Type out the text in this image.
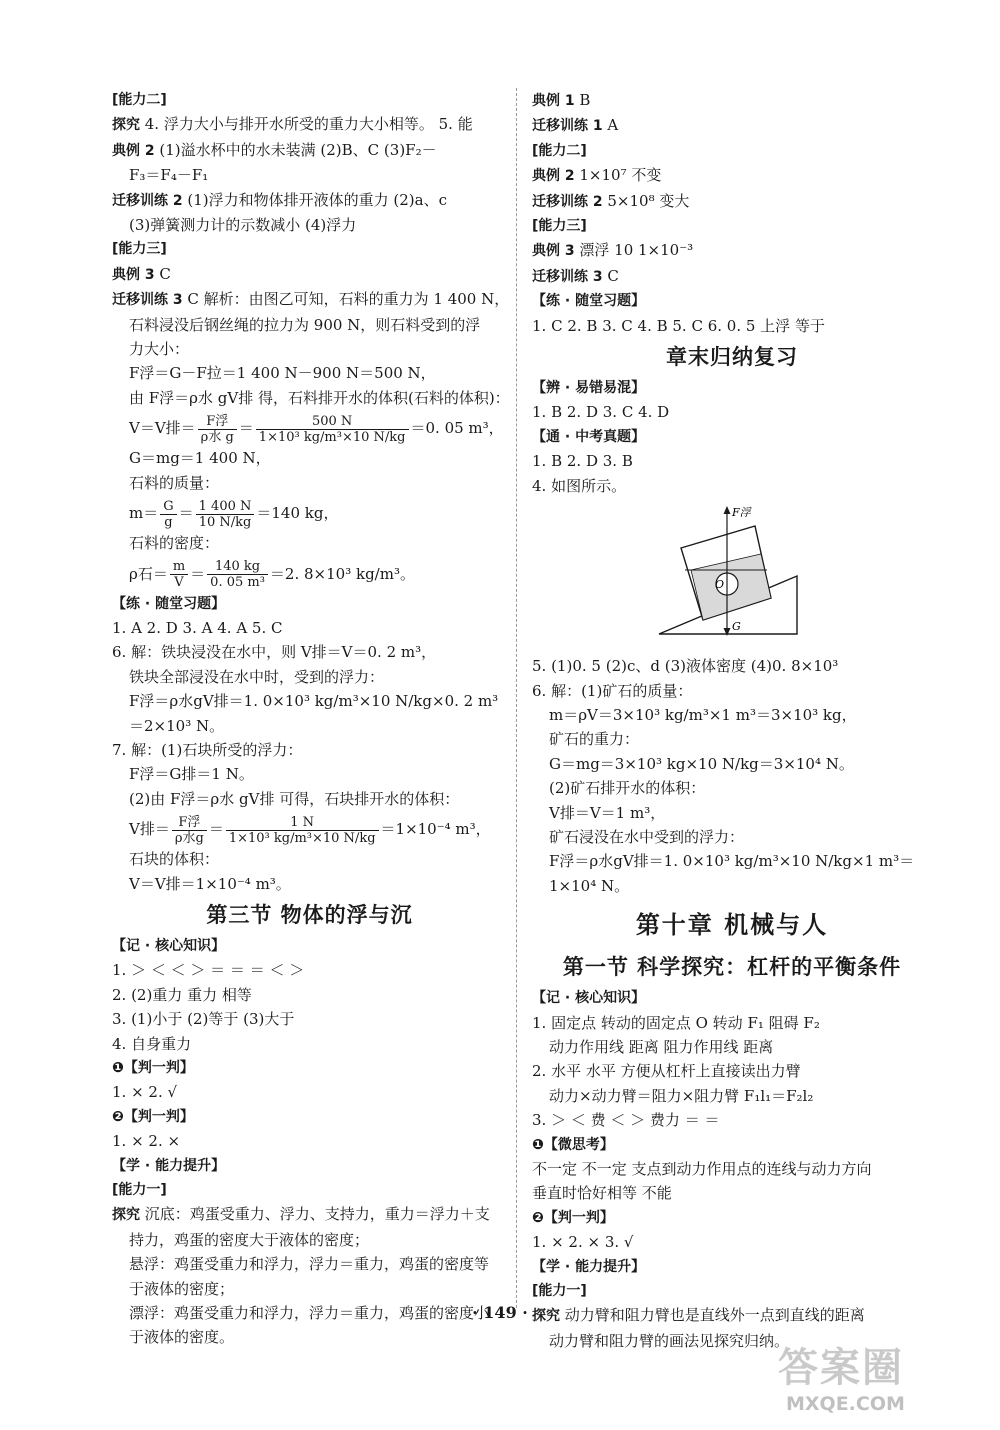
[能力二]
探究 4. 浮力大小与排开水所受的重力大小相等。 5. 能
典例 2 (1)溢水杯中的水未装满 (2)B、C (3)F₂－
F₃＝F₄－F₁
迁移训练 2 (1)浮力和物体排开液体的重力 (2)a、c
(3)弹簧测力计的示数减小 (4)浮力
[能力三]
典例 3 C
迁移训练 3 C 解析：由图乙可知，石料的重力为 1 400 N，
石料浸没后钢丝绳的拉力为 900 N，则石料受到的浮
力大小：
F浮＝G－F拉＝1 400 N－900 N＝500 N，
由 F浮＝ρ水 gV排 得，石料排开水的体积(石料的体积)：
V＝V排＝ $\frac{\text{F浮}}{\text{ρ水 g}} = \frac{500 N}{\text{1×10³ kg/m³×10 N/kg}} =0$. 05 m³，
G＝mg＝1 400 N，
石料的质量：
$m= \frac{G}{g} = \frac{1 400 N}{10 N/kg} =140$ kg，
石料的密度：
ρ石＝ $\frac{m}{V} = \frac{140 kg}{\text{0. 05 m³}} =2$. 8×10³ kg/m³。
【练 · 随堂习题】
1. A 2. D 3. A 4. A 5. C
6. 解：铁块浸没在水中，则 V排＝V＝0. 2 m³，
铁块全部浸没在水中时，受到的浮力：
F浮＝ρ水gV排＝1. 0×10³ kg/m³×10 N/kg×0. 2 m³
＝2×10³ N。
7. 解：(1)石块所受的浮力：
F浮＝G排＝1 N。
(2)由 F浮＝ρ水 gV排 可得，石块排开水的体积：
V排＝ $\frac{\text{F浮}}{\text{ρ水g}} = \frac{1 N}{\text{1×10³ kg/m³×10 N/kg}} =1\times 10^{-4}$ m³，
石块的体积：
V＝V排＝1×10⁻⁴ m³。
第三节 物体的浮与沉
【记 · 核心知识】
1. ＞ ＜ ＜ ＞ ＝ ＝ ＝ ＜ ＞
2. (2)重力 重力 相等
3. (1)小于 (2)等于 (3)大于
4. 自身重力
❶【判一判】
1. × 2. √
❷【判一判】
1. × 2. ×
【学 · 能力提升】
[能力一]
探究 沉底：鸡蛋受重力、浮力、支持力，重力＝浮力＋支
持力，鸡蛋的密度大于液体的密度；
悬浮：鸡蛋受重力和浮力，浮力＝重力，鸡蛋的密度等
于液体的密度；
漂浮：鸡蛋受重力和浮力，浮力＝重力，鸡蛋的密度小
于液体的密度。
典例 1 B
迁移训练 1 A
[能力二]
典例 2 1×10⁷ 不变
迁移训练 2 5×10⁸ 变大
[能力三]
典例 3 漂浮 10 1×10⁻³
迁移训练 3 C
【练 · 随堂习题】
1. C 2. B 3. C 4. B 5. C 6. 0. 5 上浮 等于
章末归纳复习
【辨 · 易错易混】
1. B 2. D 3. C 4. D
【通 · 中考真题】
1. B 2. D 3. B
4. 如图所示。
F浮
O
G
5. (1)0. 5 (2)c、d (3)液体密度 (4)0. 8×10³
6. 解：(1)矿石的质量：
m＝ρV＝3×10³ kg/m³×1 m³＝3×10³ kg，
矿石的重力：
G＝mg＝3×10³ kg×10 N/kg＝3×10⁴ N。
(2)矿石排开水的体积：
V排＝V＝1 m³，
矿石浸没在水中受到的浮力：
F浮＝ρ水gV排＝1. 0×10³ kg/m³×10 N/kg×1 m³＝
1×10⁴ N。
第十章 机械与人
第一节 科学探究：杠杆的平衡条件
【记 · 核心知识】
1. 固定点 转动的固定点 O 转动 F₁ 阻碍 F₂
动力作用线 距离 阻力作用线 距离
2. 水平 水平 方便从杠杆上直接读出力臂
动力×动力臂＝阻力×阻力臂 F₁l₁＝F₂l₂
3. ＞ ＜ 费 ＜ ＞ 费力 ＝ ＝
❶【微思考】
不一定 不一定 支点到动力作用点的连线与动力方向
垂直时恰好相等 不能
❷【判一判】
1. × 2. × 3. √
【学 · 能力提升】
[能力一]
探究 动力臂和阻力臂也是直线外一点到直线的距离
动力臂和阻力臂的画法见探究归纳。
· 149 ·
答案圈
MXQE.COM
